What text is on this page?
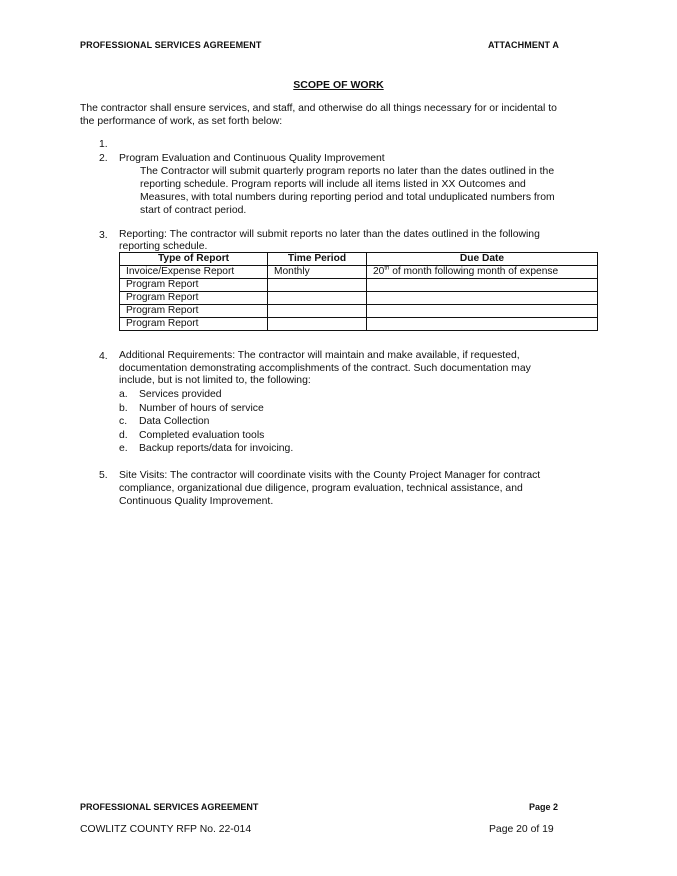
PROFESSIONAL SERVICES AGREEMENT	ATTACHMENT A
SCOPE OF WORK
The contractor shall ensure services, and staff, and otherwise do all things necessary for or incidental to
the performance of work, as set forth below:
1.
2. Program Evaluation and Continuous Quality Improvement
The Contractor will submit quarterly program reports no later than the dates outlined in the
reporting schedule. Program reports will include all items listed in XX Outcomes and
Measures, with total numbers during reporting period and total unduplicated numbers from
start of contract period.
3. Reporting: The contractor will submit reports no later than the dates outlined in the following
reporting schedule.
Type of Report	Time Period	Due Date
Invoice/Expense Report	Monthly	20th of month following month of expense
Program Report		
Program Report		
Program Report		
Program Report		
4. Additional Requirements: The contractor will maintain and make available, if requested,
documentation demonstrating accomplishments of the contract. Such documentation may
include, but is not limited to, the following:
a. Services provided
b. Number of hours of service
c. Data Collection
d. Completed evaluation tools
e. Backup reports/data for invoicing.
5. Site Visits: The contractor will coordinate visits with the County Project Manager for contract
compliance, organizational due diligence, program evaluation, technical assistance, and
Continuous Quality Improvement.
PROFESSIONAL SERVICES AGREEMENT	Page 2
COWLITZ COUNTY RFP No. 22-014	Page 20 of 19
